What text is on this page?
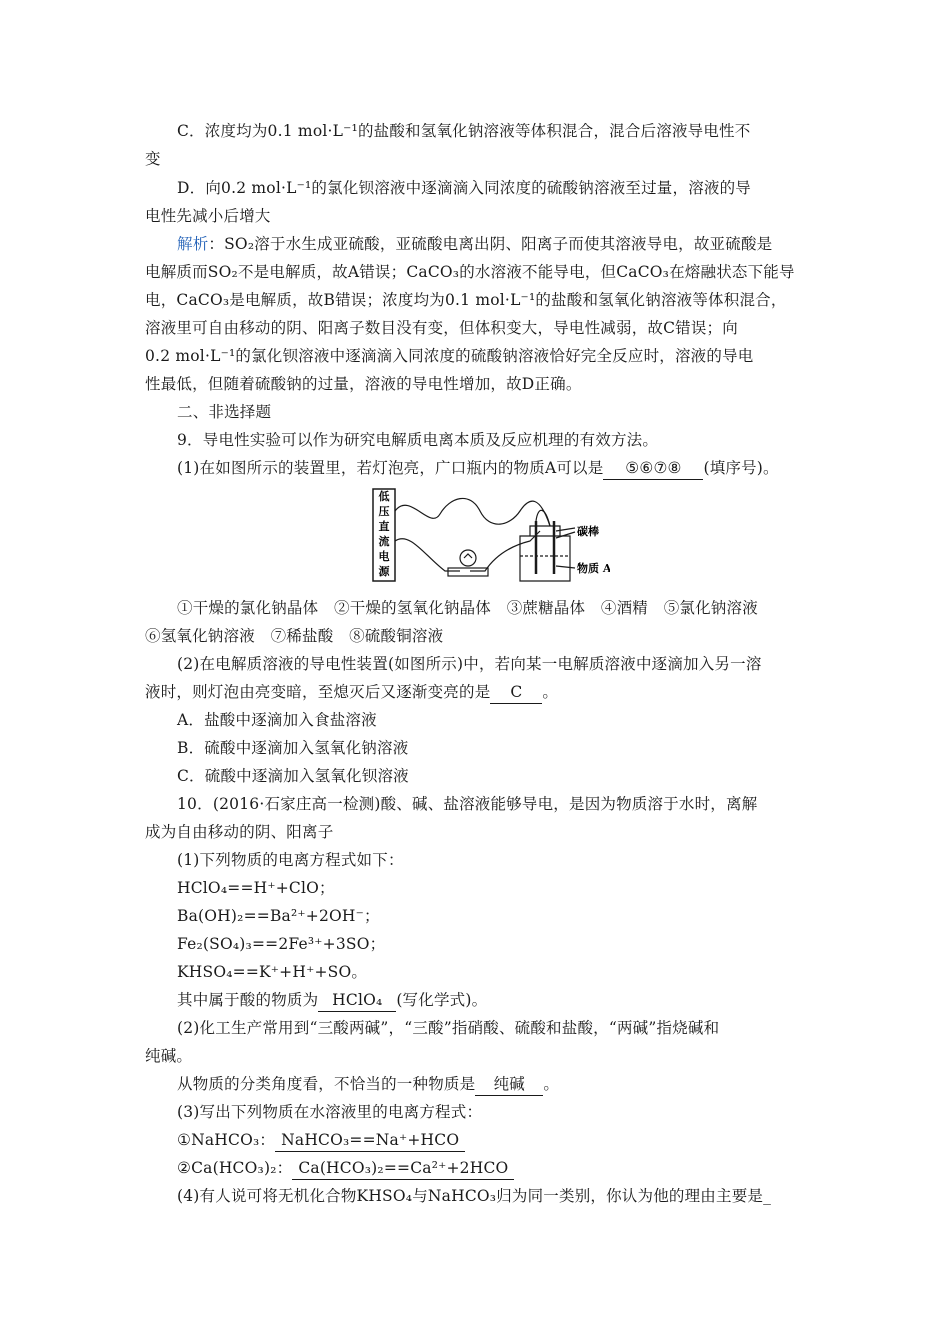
C．浓度均为0.1 mol·L⁻¹的盐酸和氢氧化钠溶液等体积混合，混合后溶液导电性不
变
D．向0.2 mol·L⁻¹的氯化钡溶液中逐滴滴入同浓度的硫酸钠溶液至过量，溶液的导
电性先减小后增大
解析：SO₂溶于水生成亚硫酸，亚硫酸电离出阴、阳离子而使其溶液导电，故亚硫酸是
电解质而SO₂不是电解质，故A错误；CaCO₃的水溶液不能导电，但CaCO₃在熔融状态下能导
电，CaCO₃是电解质，故B错误；浓度均为0.1 mol·L⁻¹的盐酸和氢氧化钠溶液等体积混合，
溶液里可自由移动的阴、阳离子数目没有变，但体积变大，导电性减弱，故C错误；向
0.2 mol·L⁻¹的氯化钡溶液中逐滴滴入同浓度的硫酸钠溶液恰好完全反应时，溶液的导电
性最低，但随着硫酸钠的过量，溶液的导电性增加，故D正确。
二、非选择题
9．导电性实验可以作为研究电解质电离本质及反应机理的有效方法。
(1)在如图所示的装置里，若灯泡亮，广口瓶内的物质A可以是 ⑤⑥⑦⑧ (填序号)。
低
压
直
流
电
源
碳棒
物质 A
①干燥的氯化钠晶体　②干燥的氢氧化钠晶体　③蔗糖晶体　④酒精　⑤氯化钠溶液
⑥氢氧化钠溶液　⑦稀盐酸　⑧硫酸铜溶液
(2)在电解质溶液的导电性装置(如图所示)中，若向某一电解质溶液中逐滴加入另一溶
液时，则灯泡由亮变暗，至熄灭后又逐渐变亮的是 C 。
A．盐酸中逐滴加入食盐溶液
B．硫酸中逐滴加入氢氧化钠溶液
C．硫酸中逐滴加入氢氧化钡溶液
10．(2016·石家庄高一检测)酸、碱、盐溶液能够导电，是因为物质溶于水时，离解
成为自由移动的阴、阳离子
(1)下列物质的电离方程式如下：
HClO₄==H⁺+ClO；
Ba(OH)₂==Ba²⁺+2OH⁻；
Fe₂(SO₄)₃==2Fe³⁺+3SO；
KHSO₄==K⁺+H⁺+SO。
其中属于酸的物质为 HClO₄ (写化学式)。
(2)化工生产常用到“三酸两碱”，“三酸”指硝酸、硫酸和盐酸，“两碱”指烧碱和
纯碱。
从物质的分类角度看，不恰当的一种物质是 纯碱 。
(3)写出下列物质在水溶液里的电离方程式：
①NaHCO₃： NaHCO₃==Na⁺+HCO
②Ca(HCO₃)₂： Ca(HCO₃)₂==Ca²⁺+2HCO
(4)有人说可将无机化合物KHSO₄与NaHCO₃归为同一类别，你认为他的理由主要是_
